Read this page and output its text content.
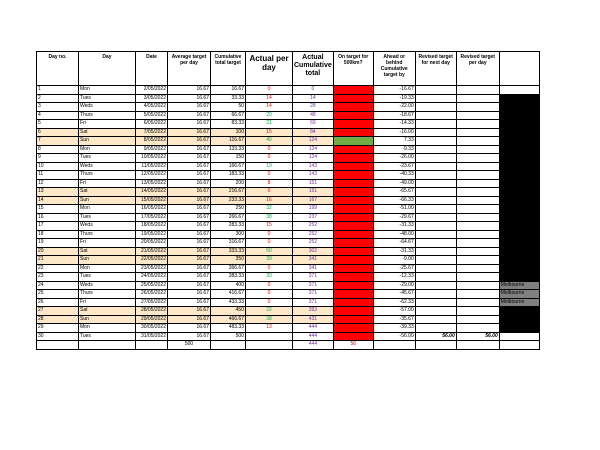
Day no.	Day	Date	Average target per day	Cumulative total target	Actual per day	Actual Cumulative total	On target for 500km?	Ahead or behind Cumulative target by	Revised target for next day	Revised target per day	
1	Mon	2/05/2022	16.67	16.67	0	0		-16.67			
2	Tues	3/05/2022	16.67	33.33	14	14		-19.33			
3	Weds	4/05/2022	16.67	50	14	28		-22.00			
4	Thurs	5/05/2022	16.67	66.67	20	48		-18.67			
5	Fri	6/05/2022	16.67	83.33	21	69		-14.33			
6	Sat	7/05/2022	16.67	100	15	84		-16.00			
7	Sun	8/05/2022	16.67	116.67	40	124		7.33			
8	Mon	9/05/2022	16.67	133.33	0	124		-9.33			
9	Tues	10/05/2022	16.67	150	0	124		-26.00			
10	Weds	11/05/2022	16.67	166.67	19	143		-23.67			
11	Thurs	12/05/2022	16.67	183.33	0	143		-40.33			
12	Fri	13/05/2022	16.67	200	8	151		-49.00			
13	Sat	14/05/2022	16.67	216.67	0	151		-65.67			
14	Sun	15/05/2022	16.67	233.33	16	167		-66.33			
15	Mon	16/05/2022	16.67	250	32	199		-51.00			
16	Tues	17/05/2022	16.67	266.67	38	237		-29.67			
17	Weds	18/05/2022	16.67	283.33	15	252		-31.33			
18	Thurs	19/05/2022	16.67	300	0	252		-48.00			
19	Fri	20/05/2022	16.67	316.67	0	252		-64.67			
20	Sat	21/05/2022	16.67	333.33	50	302		-31.33			
21	Sun	22/05/2022	16.67	350	39	341		-9.00			
22	Mon	23/05/2022	16.67	366.67	0	341		-25.67			
23	Tues	24/05/2022	16.67	383.33	30	371		-12.33			
24	Weds	25/05/2022	16.67	400	0	371		-29.00			Melbourne
25	Thurs	26/05/2022	16.67	416.67	0	371		-45.67			Melbourne
26	Fri	27/05/2022	16.67	433.33	0	371		-62.33			Melbourne
27	Sat	28/05/2022	16.67	450	22	393		-57.00			
28	Sun	29/05/2022	16.67	466.67	38	431		-35.67			
29	Mon	30/05/2022	16.67	483.33	13	444		-39.33			
30	Tues	31/05/2022	16.67	500		444		-56.00	56.00	56.00	
			500			444	56				
